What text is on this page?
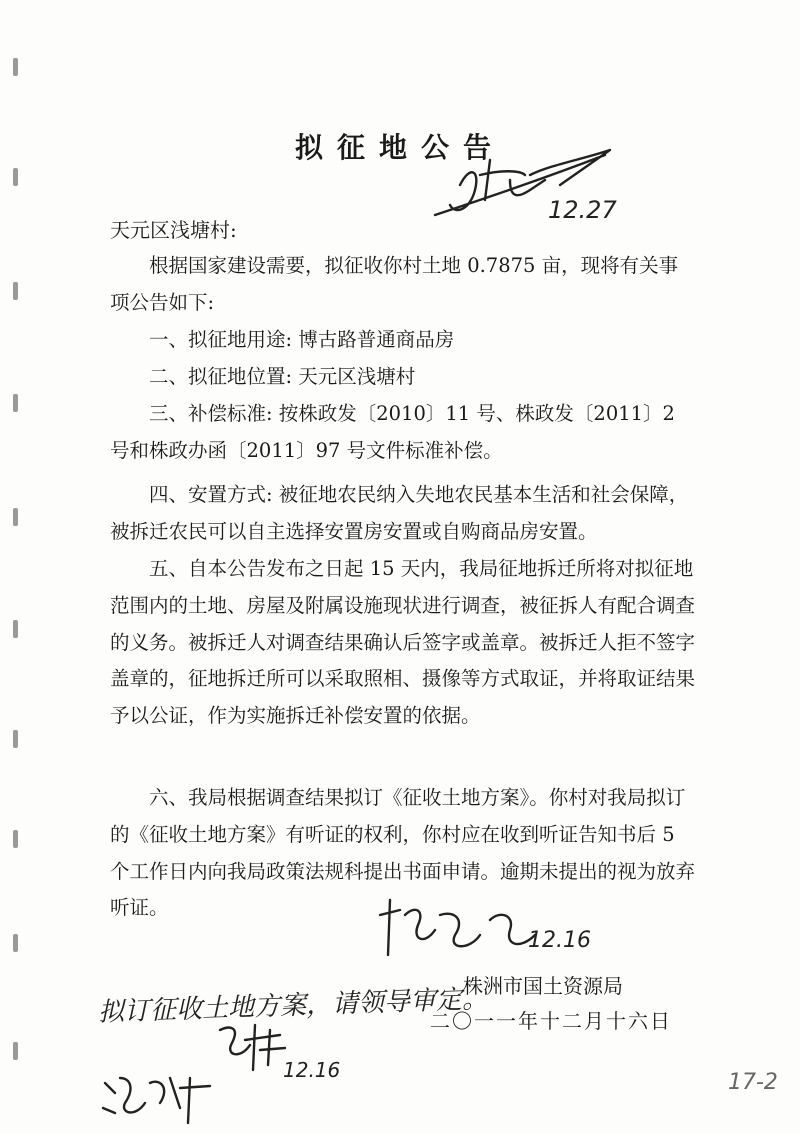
拟征地公告
12.27
天元区浅塘村:
根据国家建设需要，拟征收你村土地 0.7875 亩，现将有关事项公告如下:
一、拟征地用途: 博古路普通商品房
二、拟征地位置: 天元区浅塘村
三、补偿标准: 按株政发〔2010〕11 号、株政发〔2011〕2 号和株政办函〔2011〕97 号文件标准补偿。
四、安置方式: 被征地农民纳入失地农民基本生活和社会保障，被拆迁农民可以自主选择安置房安置或自购商品房安置。
五、自本公告发布之日起 15 天内，我局征地拆迁所将对拟征地范围内的土地、房屋及附属设施现状进行调查，被征拆人有配合调查的义务。被拆迁人对调查结果确认后签字或盖章。被拆迁人拒不签字盖章的，征地拆迁所可以采取照相、摄像等方式取证，并将取证结果予以公证，作为实施拆迁补偿安置的依据。
六、我局根据调查结果拟订《征收土地方案》。你村对我局拟订的《征收土地方案》有听证的权利，你村应在收到听证告知书后 5 个工作日内向我局政策法规科提出书面申请。逾期未提出的视为放弃听证。
12.16
株洲市国土资源局
二〇一一年十二月十六日
拟订征收土地方案，请领导审定。
12.16	17-2
